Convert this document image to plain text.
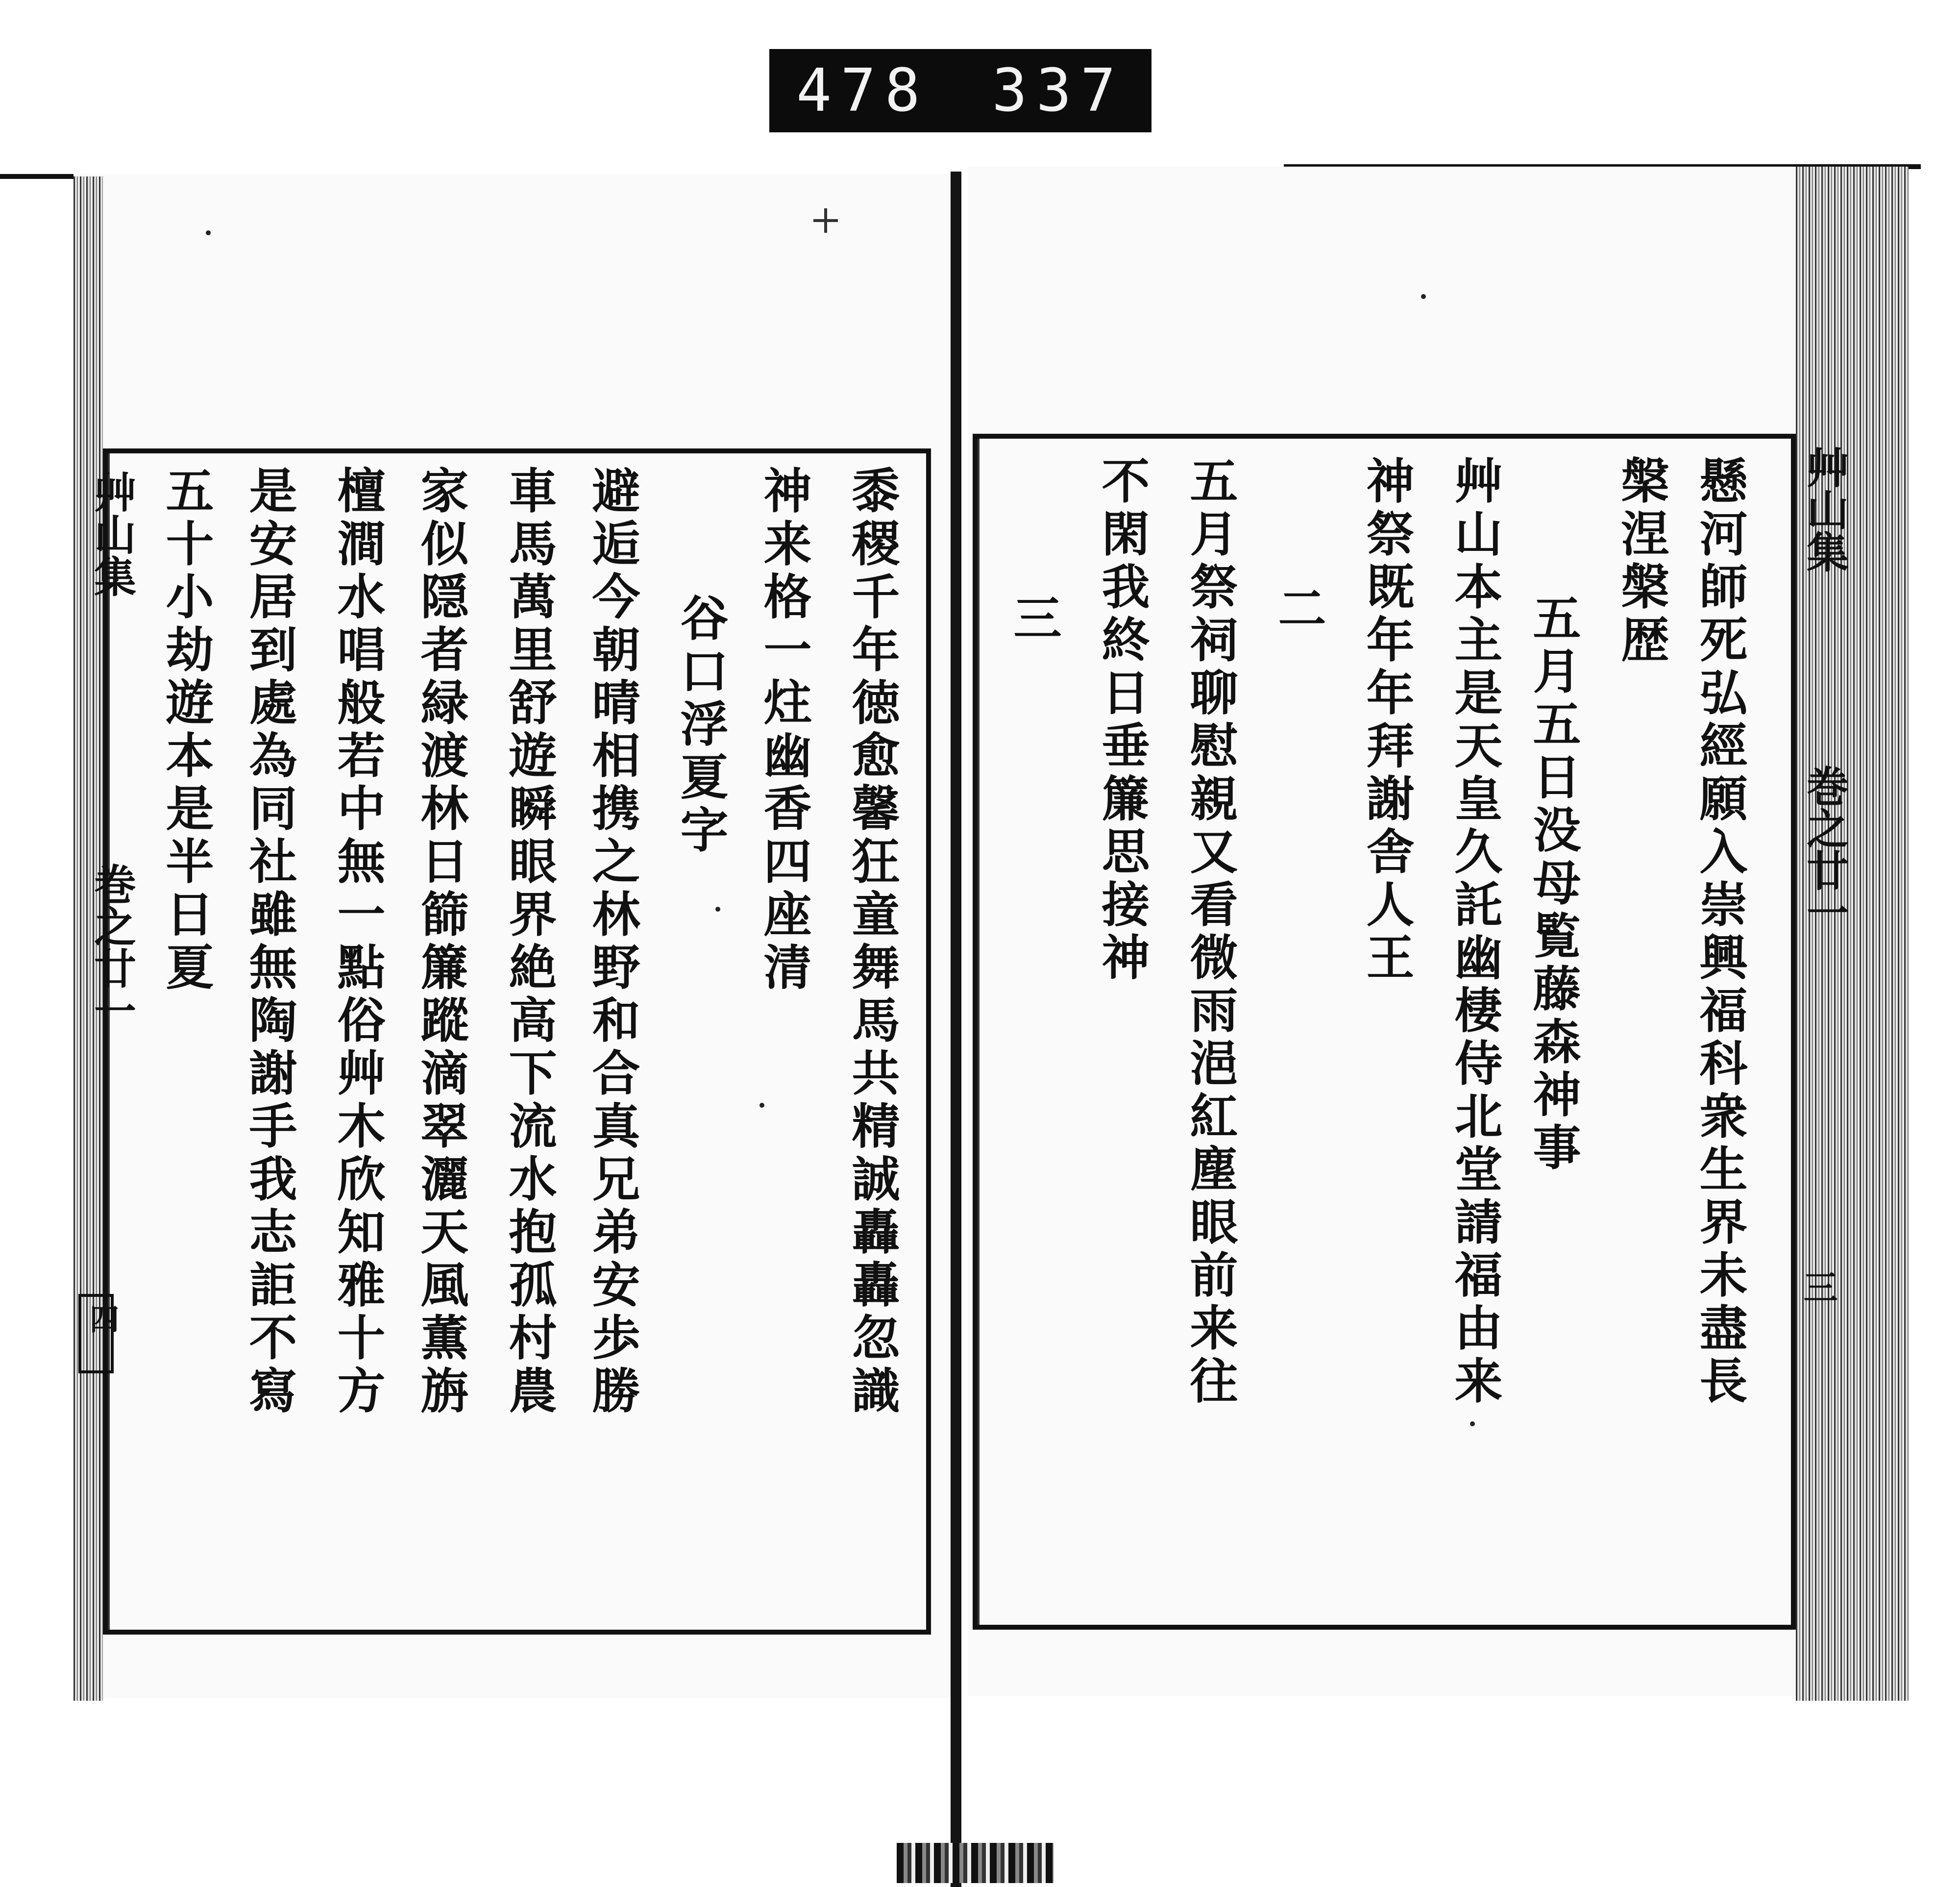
478 337
艸山集
巻之廿一
四
艸山集
巻之廿一
三
懸河師死弘經願入崇興福科衆生界未盡長
槃涅槃歴
五月五日没母覧藤森神事
艸山本主是天皇久託幽棲侍北堂請福由来
神祭既年年拜謝舎人王
二
五月祭祠聊慰親又看微雨浥紅塵眼前来往
不閑我終日垂簾思接神
三
黍稷千年徳愈馨狂童舞馬共精誠轟轟忽識
神来格一炷幽香四座清
谷口浮夏字
避逅今朝晴相携之林野和合真兄弟安歩勝
車馬萬里舒遊瞬眼界絶高下流水抱孤村農
家似隠者緑渡林日篩簾蹤滴翠灑天風薫旃
檀澗水唱般若中無一點俗艸木欣知雅十方
是安居到處為同社雖無陶謝手我志詎不寫
五十小劫遊本是半日夏
